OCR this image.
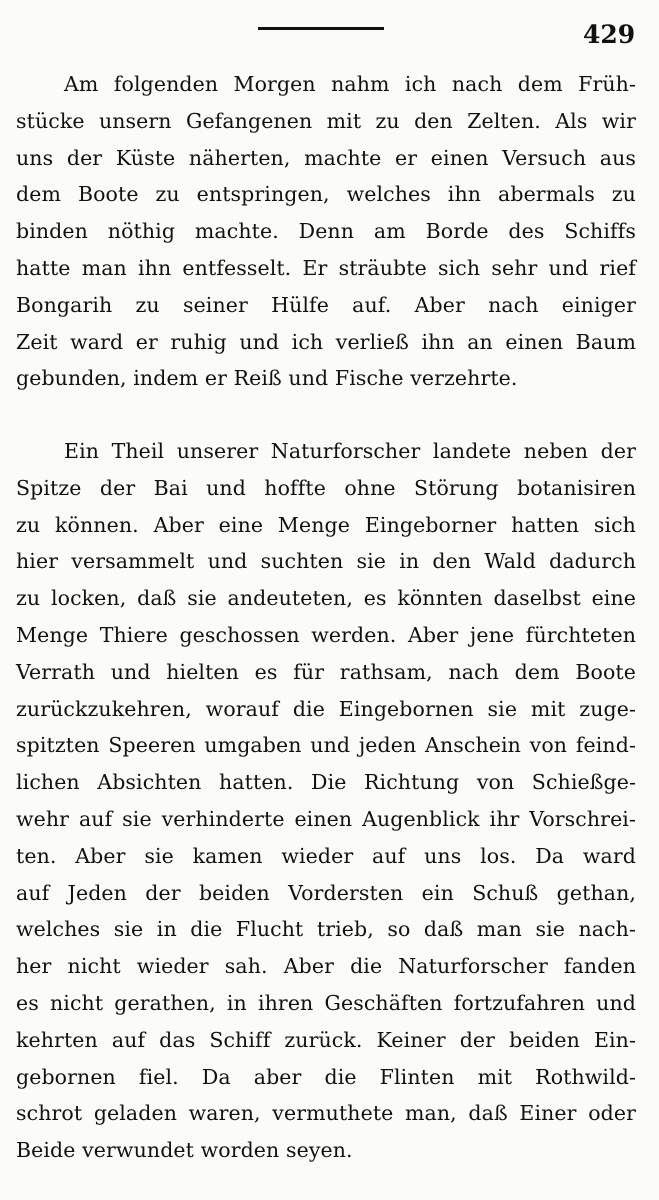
429
Am folgenden Morgen nahm ich nach dem Früh-
stücke unsern Gefangenen mit zu den Zelten. Als wir
uns der Küste näherten, machte er einen Versuch aus
dem Boote zu entspringen, welches ihn abermals zu
binden nöthig machte. Denn am Borde des Schiffs
hatte man ihn entfesselt. Er sträubte sich sehr und rief
Bongarih zu seiner Hülfe auf. Aber nach einiger
Zeit ward er ruhig und ich verließ ihn an einen Baum
gebunden, indem er Reiß und Fische verzehrte.
Ein Theil unserer Naturforscher landete neben der
Spitze der Bai und hoffte ohne Störung botanisiren
zu können. Aber eine Menge Eingeborner hatten sich
hier versammelt und suchten sie in den Wald dadurch
zu locken, daß sie andeuteten, es könnten daselbst eine
Menge Thiere geschossen werden. Aber jene fürchteten
Verrath und hielten es für rathsam, nach dem Boote
zurückzukehren, worauf die Eingebornen sie mit zuge-
spitzten Speeren umgaben und jeden Anschein von feind-
lichen Absichten hatten. Die Richtung von Schießge-
wehr auf sie verhinderte einen Augenblick ihr Vorschrei-
ten. Aber sie kamen wieder auf uns los. Da ward
auf Jeden der beiden Vordersten ein Schuß gethan,
welches sie in die Flucht trieb, so daß man sie nach-
her nicht wieder sah. Aber die Naturforscher fanden
es nicht gerathen, in ihren Geschäften fortzufahren und
kehrten auf das Schiff zurück. Keiner der beiden Ein-
gebornen fiel. Da aber die Flinten mit Rothwild-
schrot geladen waren, vermuthete man, daß Einer oder
Beide verwundet worden seyen.
